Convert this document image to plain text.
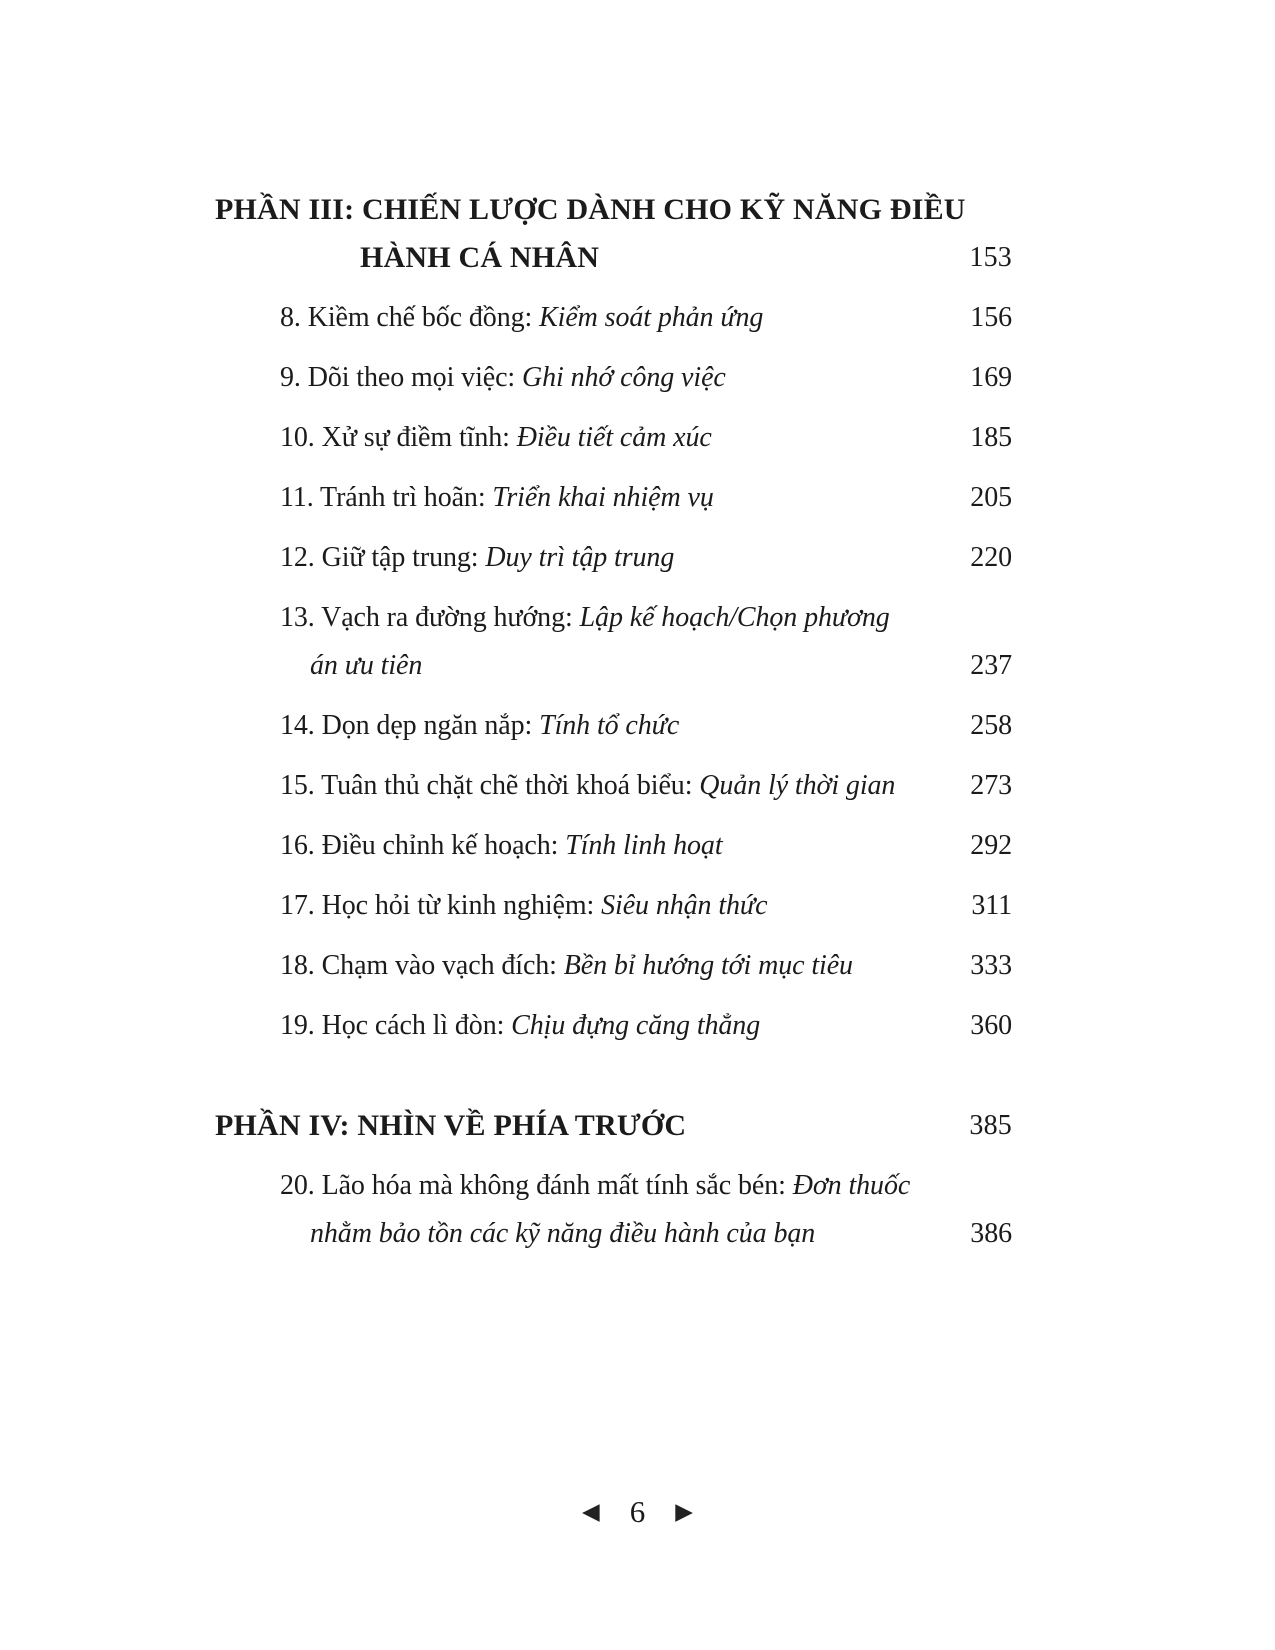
PHẦN III: CHIẾN LƯỢC DÀNH CHO KỸ NĂNG ĐIỀU
HÀNH CÁ NHÂN	153
8. Kiềm chế bốc đồng: Kiểm soát phản ứng	156
9. Dõi theo mọi việc: Ghi nhớ công việc	169
10. Xử sự điềm tĩnh: Điều tiết cảm xúc	185
11. Tránh trì hoãn: Triển khai nhiệm vụ	205
12. Giữ tập trung: Duy trì tập trung	220
13. Vạch ra đường hướng: Lập kế hoạch/Chọn phương
án ưu tiên	237
14. Dọn dẹp ngăn nắp: Tính tổ chức	258
15. Tuân thủ chặt chẽ thời khoá biểu: Quản lý thời gian	273
16. Điều chỉnh kế hoạch: Tính linh hoạt	292
17. Học hỏi từ kinh nghiệm: Siêu nhận thức	311
18. Chạm vào vạch đích: Bền bỉ hướng tới mục tiêu	333
19. Học cách lì đòn: Chịu đựng căng thẳng	360
PHẦN IV: NHÌN VỀ PHÍA TRƯỚC	385
20. Lão hóa mà không đánh mất tính sắc bén: Đơn thuốc
nhằm bảo tồn các kỹ năng điều hành của bạn	386
◀ 6 ▶
